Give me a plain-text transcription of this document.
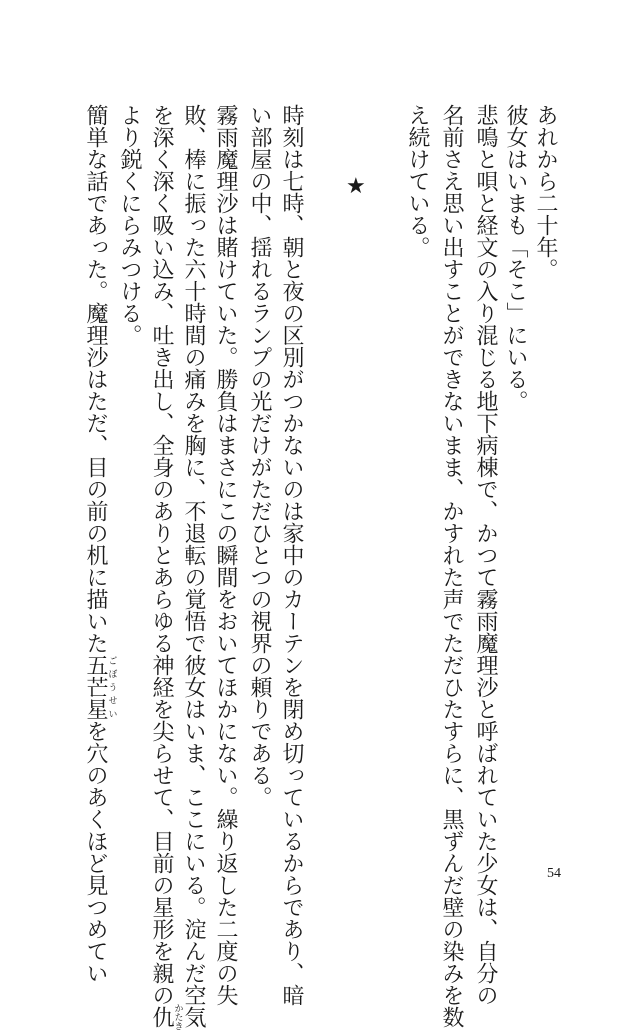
あれから二十年。
彼女はいまも「そこ」にいる。
悲鳴と唄と経文の入り混じる地下病棟で、かつて霧雨魔理沙と呼ばれていた少女は、自分の
名前さえ思い出すことができないまま、かすれた声でただひたすらに、黒ずんだ壁の染みを数
え続けている。
★
時刻は七時、朝と夜の区別がつかないのは家中のカーテンを閉め切っているからであり、暗
い部屋の中、揺れるランプの光だけがただひとつの視界の頼りである。
霧雨魔理沙は賭けていた。勝負はまさにこの瞬間をおいてほかにない。繰り返した二度の失
敗、棒に振った六十時間の痛みを胸に、不退転の覚悟で彼女はいま、ここにいる。淀んだ空気
を深く深く吸い込み、吐き出し、全身のありとあらゆる神経を尖らせて、目前の星形を親の仇かたき
より鋭くにらみつける。
簡単な話であった。魔理沙はただ、目の前の机に描いた五芒星ごぼうせいを穴のあくほど見つめてい	54
